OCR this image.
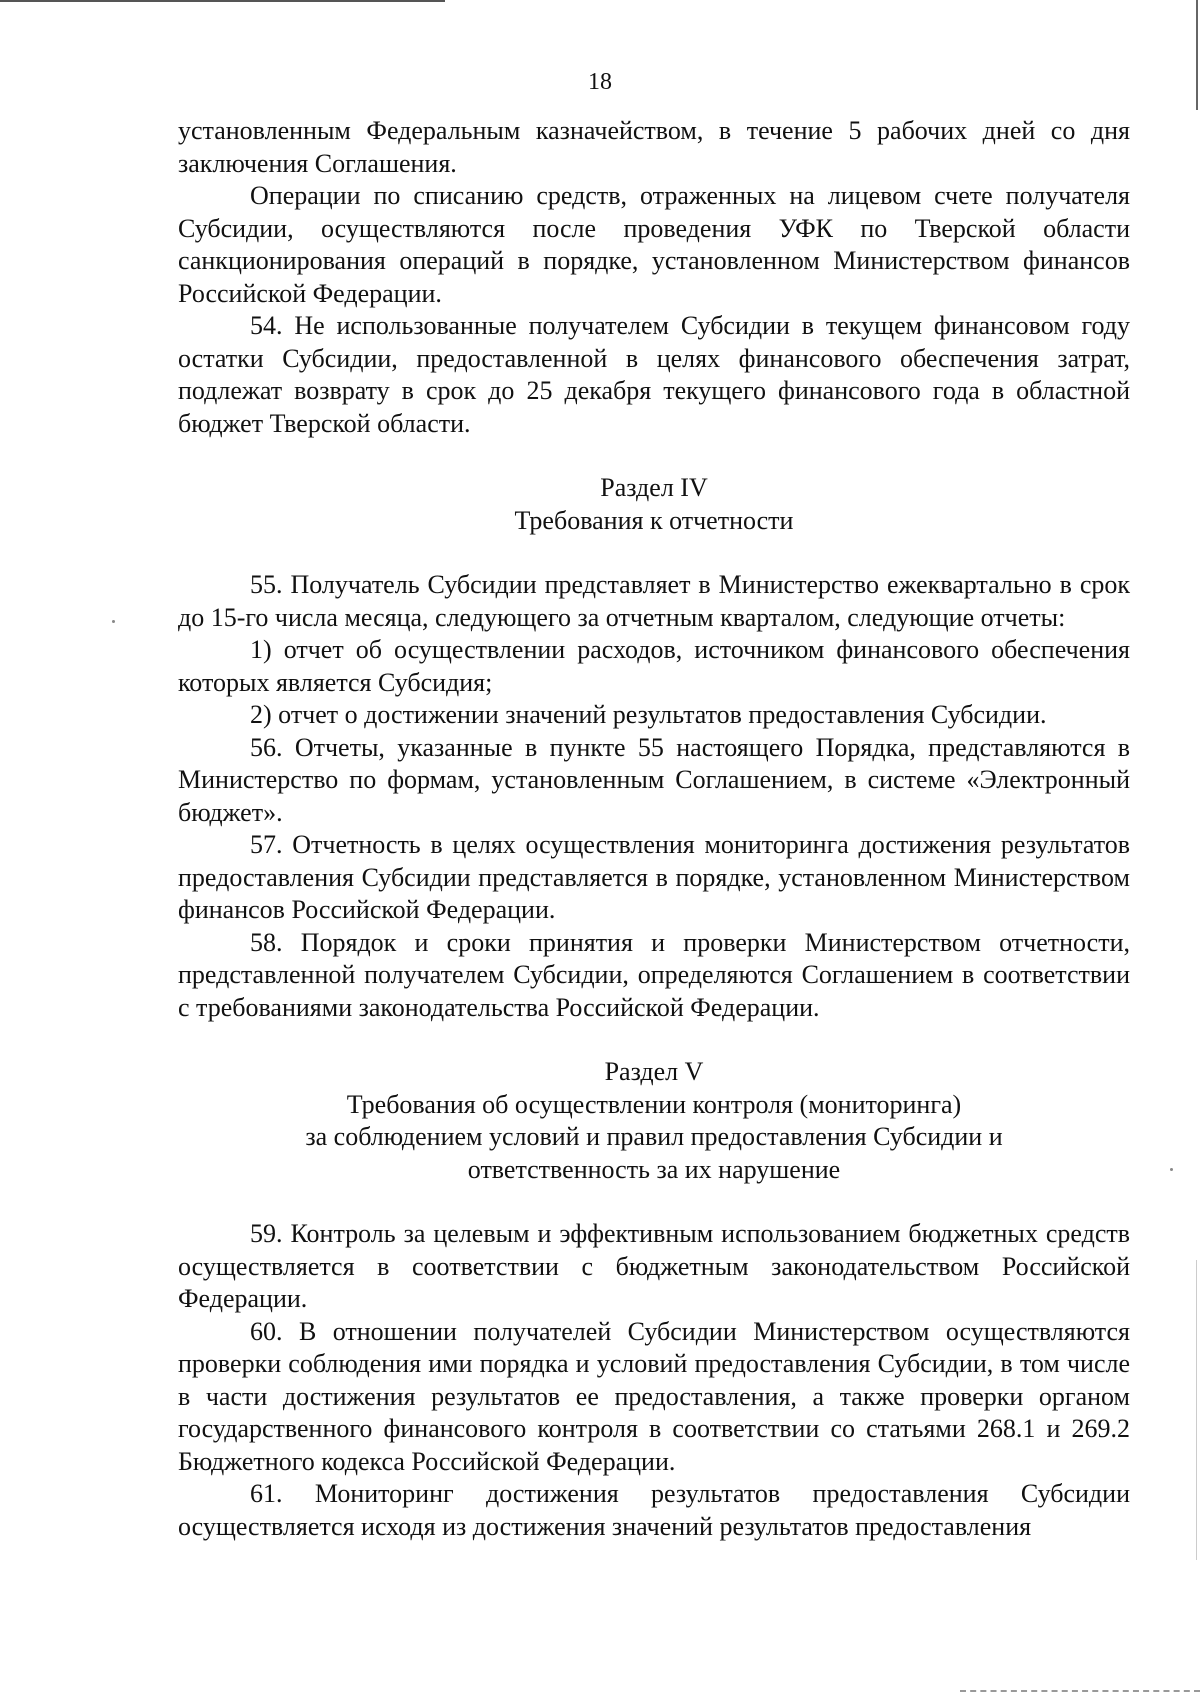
18

установленным Федеральным казначейством, в течение 5 рабочих дней со дня заключения Соглашения.

Операции по списанию средств, отраженных на лицевом счете получателя Субсидии, осуществляются после проведения УФК по Тверской области санкционирования операций в порядке, установленном Министерством финансов Российской Федерации.

54. Не использованные получателем Субсидии в текущем финансовом году остатки Субсидии, предоставленной в целях финансового обеспечения затрат, подлежат возврату в срок до 25 декабря текущего финансового года в областной бюджет Тверской области.

Раздел IV
Требования к отчетности

55. Получатель Субсидии представляет в Министерство ежеквартально в срок до 15-го числа месяца, следующего за отчетным кварталом, следующие отчеты:

1) отчет об осуществлении расходов, источником финансового обеспечения которых является Субсидия;

2) отчет о достижении значений результатов предоставления Субсидии.

56. Отчеты, указанные в пункте 55 настоящего Порядка, представляются в Министерство по формам, установленным Соглашением, в системе «Электронный бюджет».

57. Отчетность в целях осуществления мониторинга достижения результатов предоставления Субсидии представляется в порядке, установленном Министерством финансов Российской Федерации.

58. Порядок и сроки принятия и проверки Министерством отчетности, представленной получателем Субсидии, определяются Соглашением в соответствии с требованиями законодательства Российской Федерации.

Раздел V
Требования об осуществлении контроля (мониторинга)
за соблюдением условий и правил предоставления Субсидии и
ответственность за их нарушение

59. Контроль за целевым и эффективным использованием бюджетных средств осуществляется в соответствии с бюджетным законодательством Российской Федерации.

60. В отношении получателей Субсидии Министерством осуществляются проверки соблюдения ими порядка и условий предоставления Субсидии, в том числе в части достижения результатов ее предоставления, а также проверки органом государственного финансового контроля в соответствии со статьями 268.1 и 269.2 Бюджетного кодекса Российской Федерации.

61. Мониторинг достижения результатов предоставления Субсидии осуществляется исходя из достижения значений результатов предоставления
